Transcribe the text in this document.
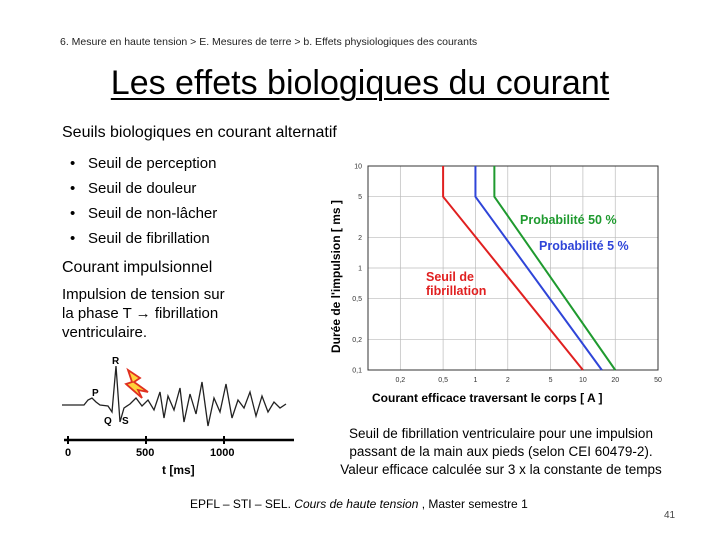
6. Mesure en haute tension > E. Mesures de terre > b. Effets physiologiques des courants
Les effets biologiques du courant
Seuils biologiques en courant alternatif
• Seuil de perception
• Seuil de douleur
• Seuil de non-lâcher
• Seuil de fibrillation
Courant impulsionnel
Impulsion de tension sur
la phase T → fibrillation
ventriculaire.
R
P
Q S
0	500	1000
t [ms]
0,2	0,5	1	2	5	10	20	50
10
5
2
1
0,5
0,2
0,1
Probabilité 50 %
Probabilité 5 %
Seuil de
fibrillation
Durée de l'impulsion [ ms ]
Courant efficace traversant le corps [ A ]
Seuil de fibrillation ventriculaire pour une impulsion
passant de la main aux pieds (selon CEI 60479-2).
Valeur efficace calculée sur 3 x la constante de temps
EPFL – STI – SEL. Cours de haute tension , Master semestre 1
41
